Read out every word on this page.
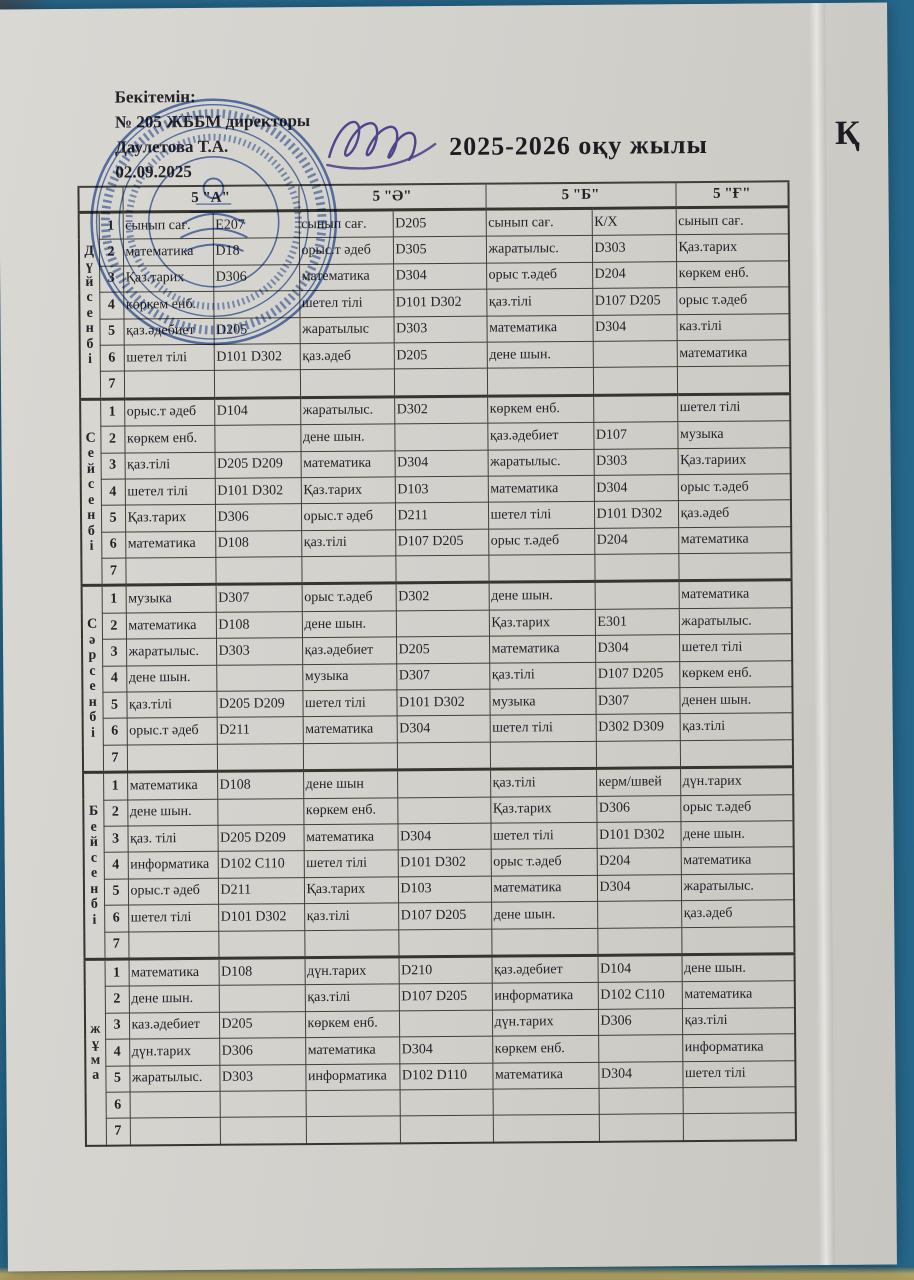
Бекітемін:
№ 205 ЖББМ директоры
Даулетова Т.А.
02.09.2025
2025-2026 оқу жылы	Қ
		5 "А"		5 "Ә"		5 "Б"		5 "Ғ"

Д
ү
й
с
е
н
б
і
	1	сынып сағ.	E207	сынып сағ.	D205	сынып сағ.	К/Х	сынып сағ.
	2	математика	D18	орыс.т әдеб	D305	жаратылыс.	D303	Қаз.тарих
	3	Қаз.тарих	D306	математика	D304	орыс т.әдеб	D204	көркем енб.
	4	көркем енб.		шетел тілі	D101 D302	қаз.тілі	D107 D205	орыс т.әдеб
	5	қаз.әдебиет	D205	жаратылыс	D303	математика	D304	каз.тілі
	6	шетел тілі	D101 D302	қаз.әдеб	D205	дене шын.		математика
	7							

С
е
й
с
е
н
б
і
	1	орыс.т әдеб	D104	жаратылыс.	D302	көркем енб.		шетел тілі
	2	көркем енб.		дене шын.		қаз.әдебиет	D107	музыка
	3	қаз.тілі	D205 D209	математика	D304	жаратылыс.	D303	Қаз.тариих
	4	шетел тілі	D101 D302	Қаз.тарих	D103	математика	D304	орыс т.әдеб
	5	Қаз.тарих	D306	орыс.т әдеб	D211	шетел тілі	D101 D302	қаз.әдеб
	6	математика	D108	қаз.тілі	D107 D205	орыс т.әдеб	D204	математика
	7							

С
ә
р
с
е
н
б
і
	1	музыка	D307	орыс т.әдеб	D302	дене шын.		математика
	2	математика	D108	дене шын.		Қаз.тарих	E301	жаратылыс.
	3	жаратылыс.	D303	қаз.әдебиет	D205	математика	D304	шетел тілі
	4	дене шын.		музыка	D307	қаз.тілі	D107 D205	көркем енб.
	5	қаз.тілі	D205 D209	шетел тілі	D101 D302	музыка	D307	денен шын.
	6	орыс.т әдеб	D211	математика	D304	шетел тілі	D302 D309	қаз.тілі
	7							

Б
е
й
с
е
н
б
і
	1	математика	D108	дене шын		қаз.тілі	керм/швей	дүн.тарих
	2	дене шын.		көркем енб.		Қаз.тарих	D306	орыс т.әдеб
	3	қаз. тілі	D205 D209	математика	D304	шетел тілі	D101 D302	дене шын.
	4	информатика	D102 C110	шетел тілі	D101 D302	орыс т.әдеб	D204	математика
	5	орыс.т әдеб	D211	Қаз.тарих	D103	математика	D304	жаратылыс.
	6	шетел тілі	D101 D302	қаз.тілі	D107 D205	дене шын.		қаз.әдеб
	7							

ж
ұ
м
а	1	математика	D108	дүн.тарих	D210	қаз.әдебиет	D104	дене шын.
	2	дене шын.		қаз.тілі	D107 D205	информатика	D102 C110	математика
	3	каз.әдебиет	D205	көркем енб.		дүн.тарих	D306	қаз.тілі
	4	дүн.тарих	D306	математика	D304	көркем енб.		информатика
	5	жаратылыс.	D303	информатика	D102 D110	математика	D304	шетел тілі
	6							
	7							
